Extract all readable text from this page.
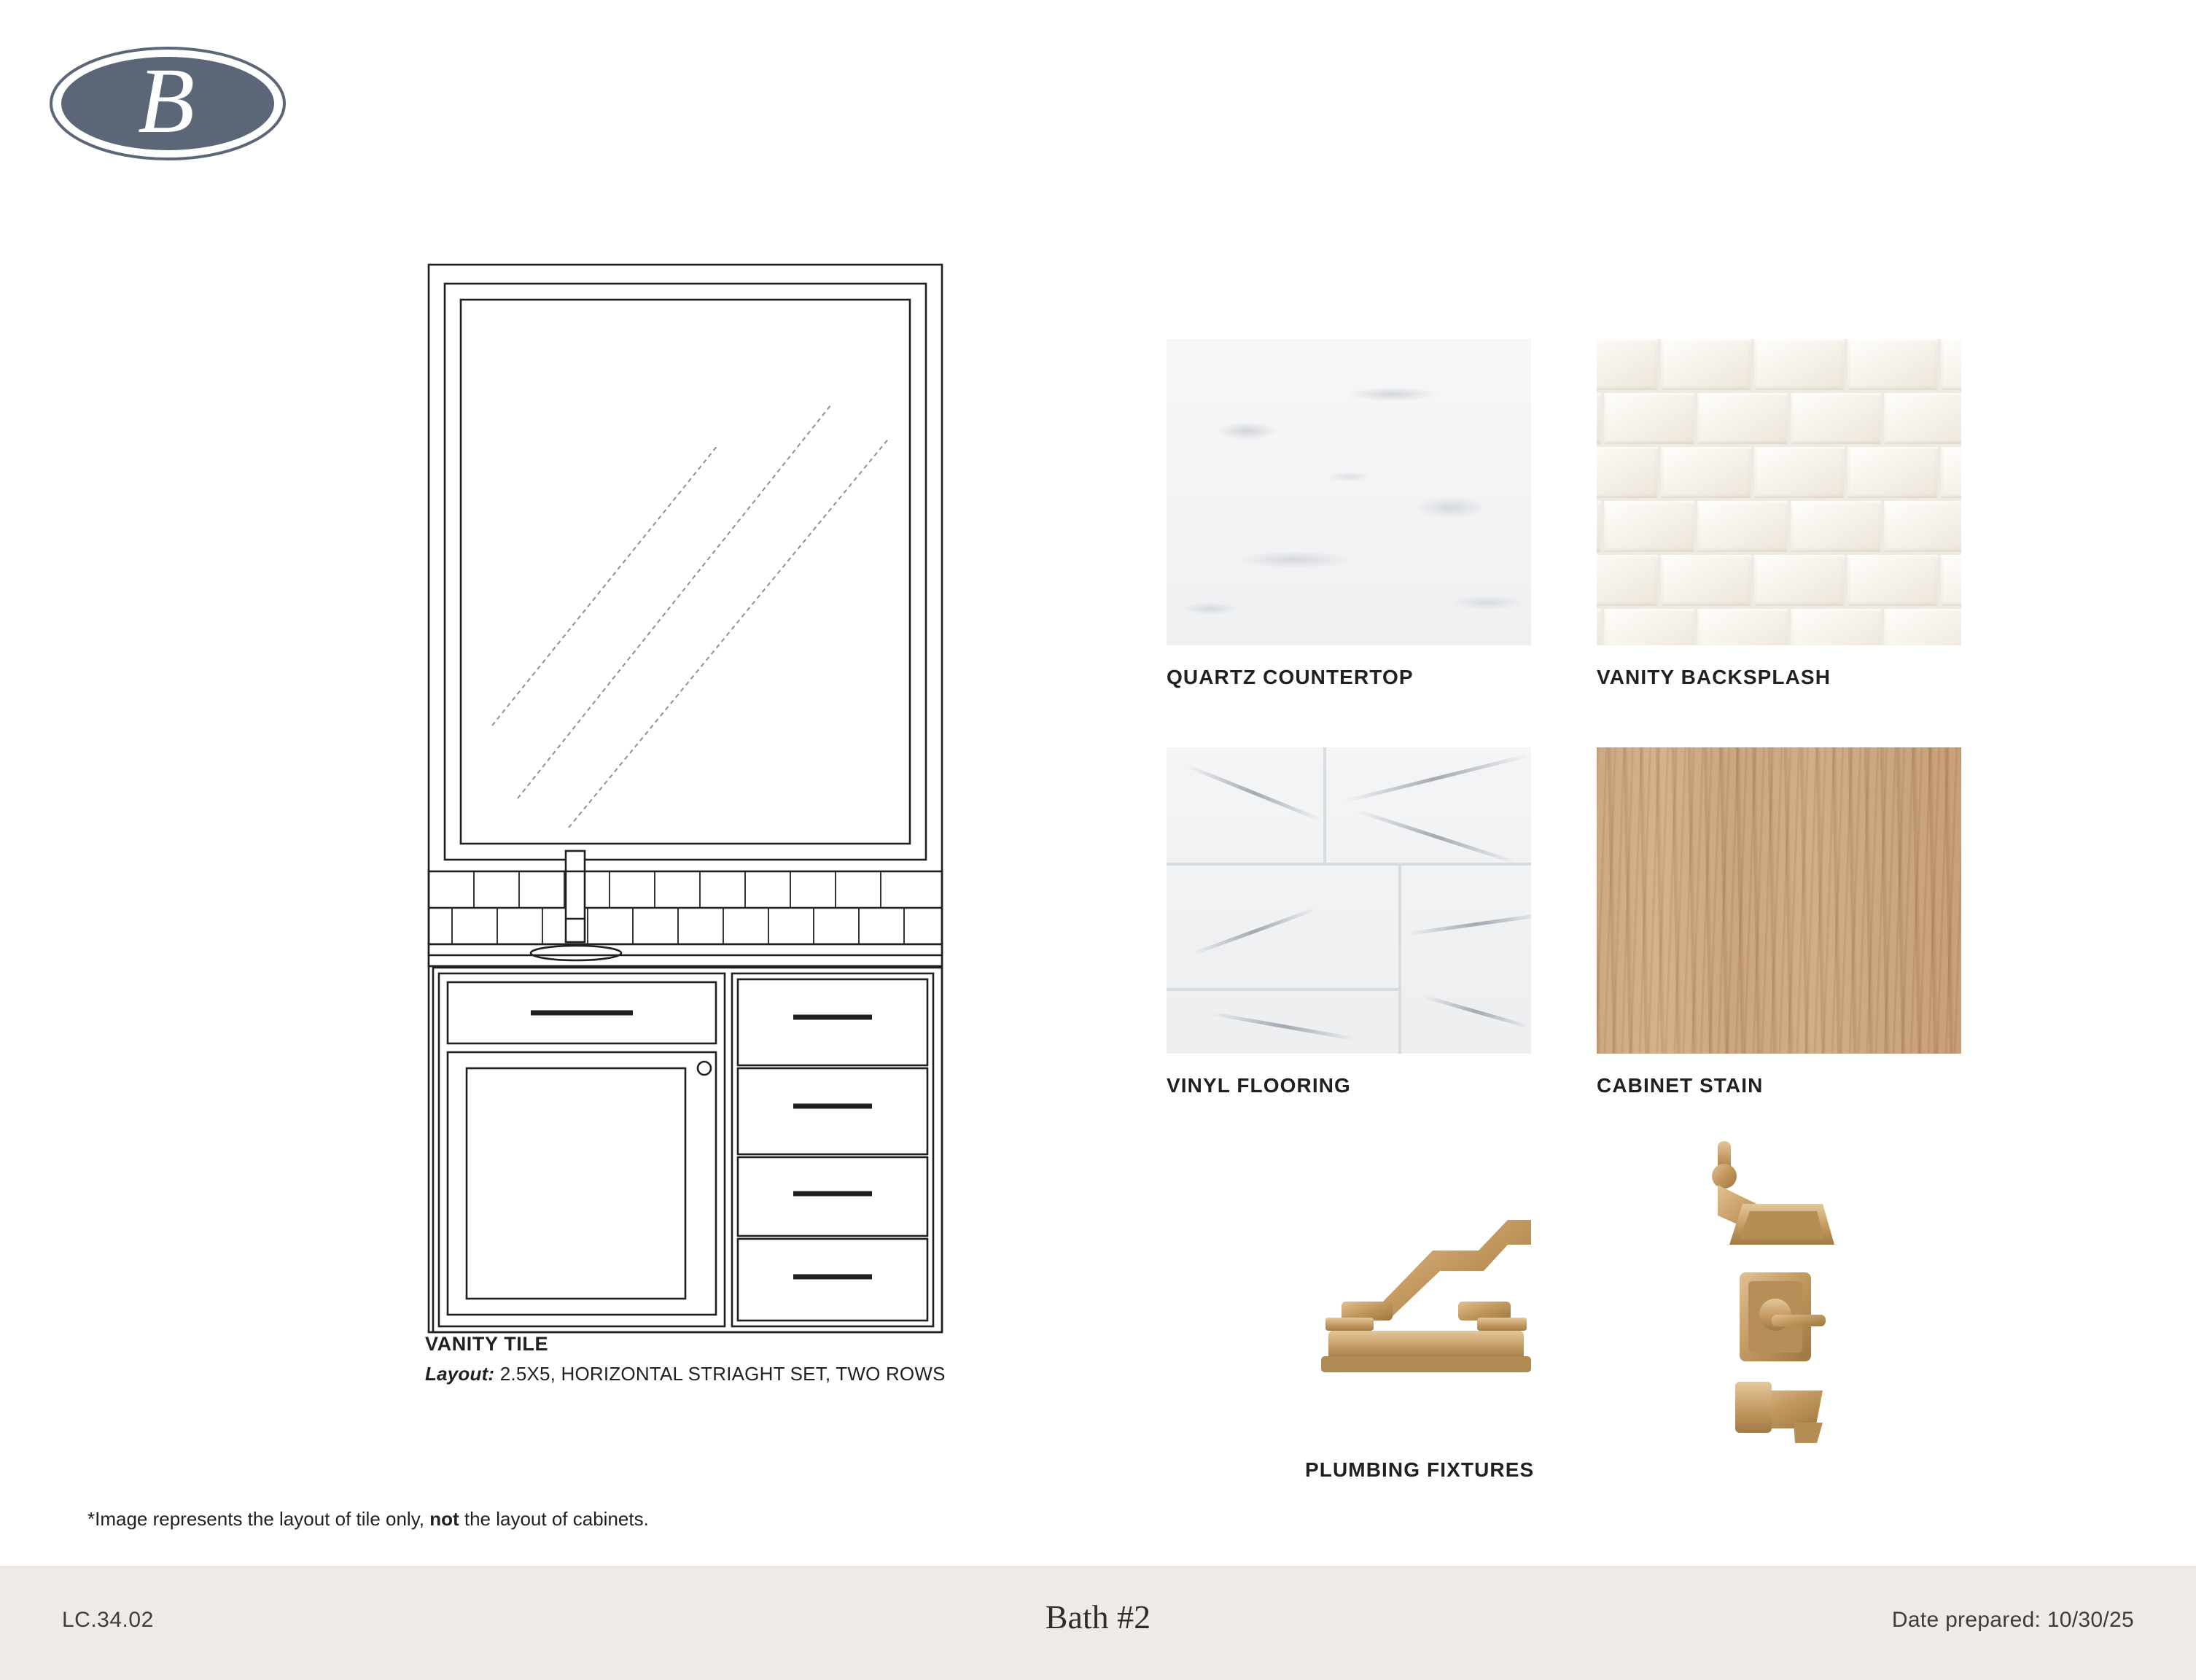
B
VANITY TILE
Layout: 2.5X5, HORIZONTAL STRIAGHT SET, TWO ROWS
QUARTZ COUNTERTOP	VANITY BACKSPLASH
VINYL FLOORING	CABINET STAIN
PLUMBING FIXTURES
*Image represents the layout of tile only, not the layout of cabinets.
LC.34.02	Bath #2	Date prepared: 10/30/25
